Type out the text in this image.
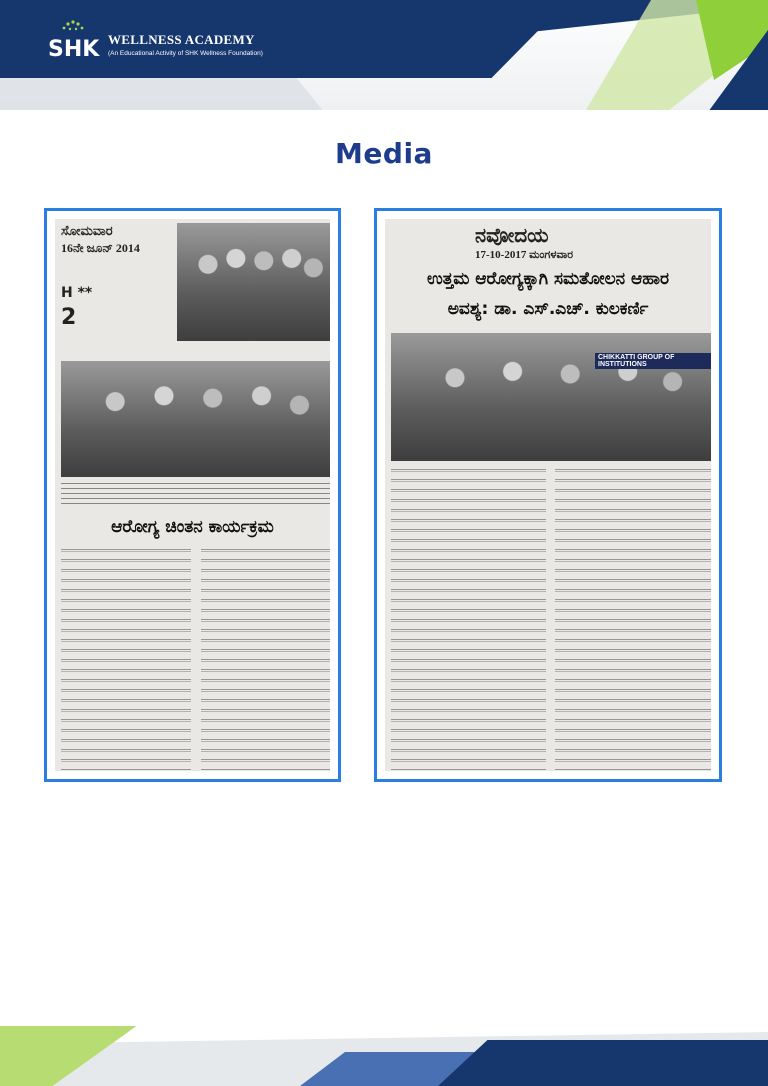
SHK WELLNESS ACADEMY
(An Educational Activity of SHK Wellness Foundation)
Media
ಸೋಮವಾರ
16ನೇ ಜೂನ್ 2014
H **
2
ಆರೋಗ್ಯ ಚಿಂತನ ಕಾರ್ಯಕ್ರಮ
ನವೋದಯ
17-10-2017 ಮಂಗಳವಾರ
ಉತ್ತಮ ಆರೋಗ್ಯಕ್ಕಾಗಿ ಸಮತೋಲನ ಆಹಾರ
ಅವಶ್ಯ: ಡಾ. ಎಸ್.ಎಚ್. ಕುಲಕರ್ಣಿ
CHIKKATTI GROUP OF INSTITUTIONS
